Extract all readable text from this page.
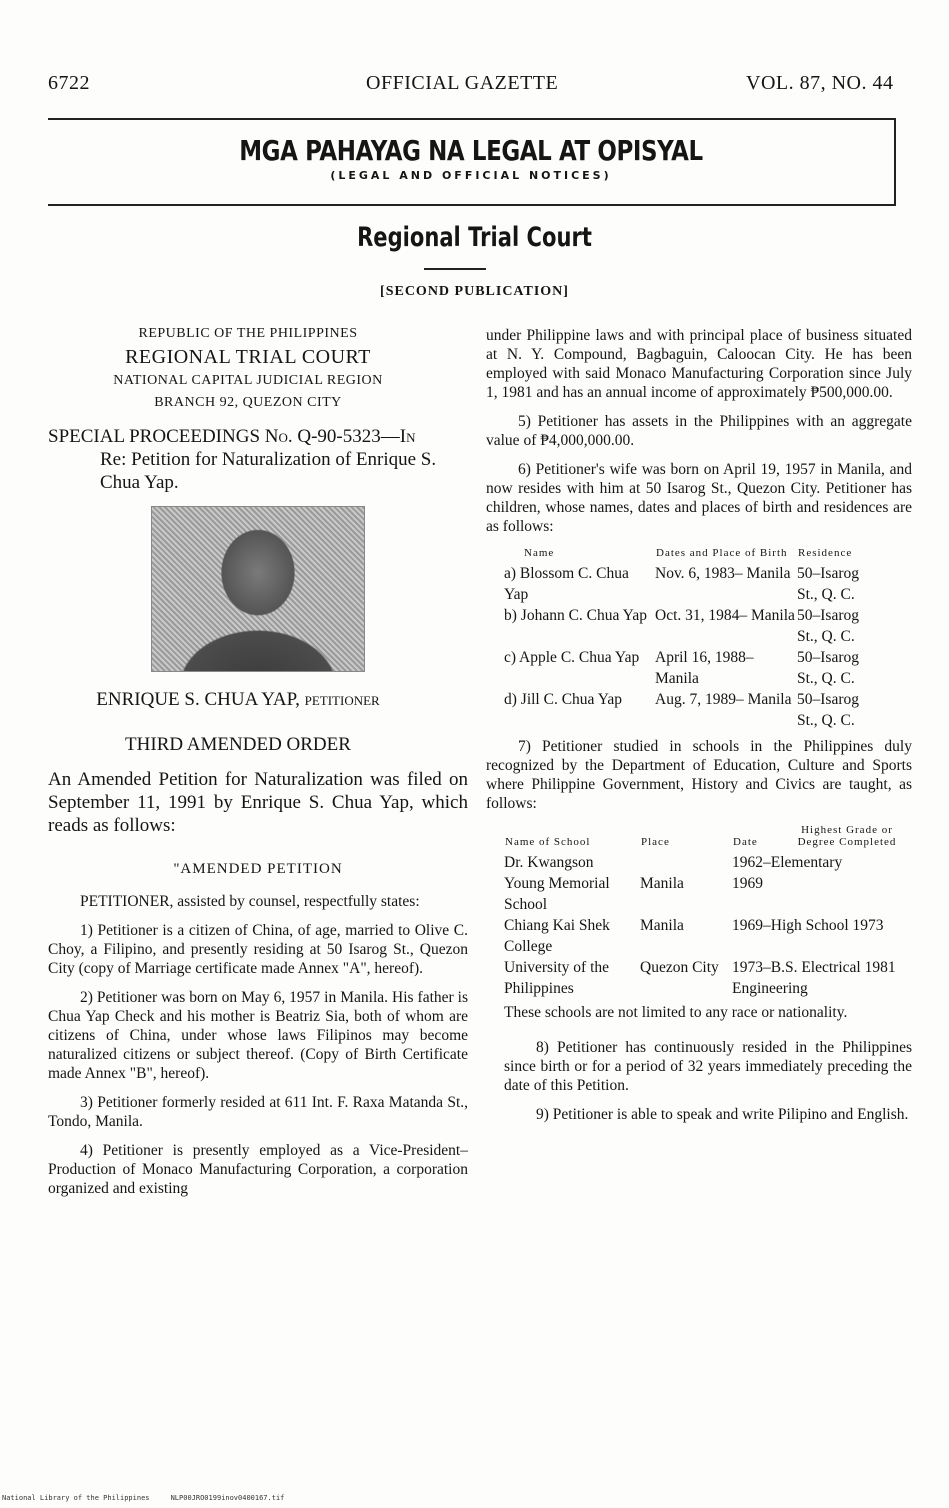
6722	OFFICIAL GAZETTE	VOL. 87, NO. 44
MGA PAHAYAG NA LEGAL AT OPISYAL
(LEGAL AND OFFICIAL NOTICES)
Regional Trial Court
[SECOND PUBLICATION]
REPUBLIC OF THE PHILIPPINES
REGIONAL TRIAL COURT
NATIONAL CAPITAL JUDICIAL REGION
BRANCH 92, QUEZON CITY
SPECIAL PROCEEDINGS No. Q-90-5323—In
Re: Petition for Naturalization of Enrique S. Chua Yap.
ENRIQUE S. CHUA YAP, petitioner
THIRD AMENDED ORDER
An Amended Petition for Naturalization was filed on September 11, 1991 by Enrique S. Chua Yap, which reads as follows:
"AMENDED PETITION

PETITIONER, assisted by counsel, respectfully states:

1) Petitioner is a citizen of China, of age, married to Olive C. Choy, a Filipino, and presently residing at 50 Isarog St., Quezon City (copy of Marriage certificate made Annex "A", hereof).

2) Petitioner was born on May 6, 1957 in Manila. His father is Chua Yap Check and his mother is Beatriz Sia, both of whom are citizens of China, under whose laws Filipinos may become naturalized citizens or subject thereof. (Copy of Birth Certificate made Annex "B", hereof).

3) Petitioner formerly resided at 611 Int. F. Raxa Matanda St., Tondo, Manila.

4) Petitioner is presently employed as a Vice-President–Production of Monaco Manufacturing Corporation, a corporation organized and existing

under Philippine laws and with principal place of business situated at N. Y. Compound, Bagbaguin, Caloocan City. He has been employed with said Monaco Manufacturing Corporation since July 1, 1981 and has an annual income of approximately ₱500,000.00.

5) Petitioner has assets in the Philippines with an aggregate value of ₱4,000,000.00.

6) Petitioner's wife was born on April 19, 1957 in Manila, and now resides with him at 50 Isarog St., Quezon City. Petitioner has children, whose names, dates and places of birth and residences are as follows:

Name	Dates and Place of Birth	Residence
a) Blossom C. Chua Yap	Nov. 6, 1983– Manila	50–Isarog St., Q. C.
b) Johann C. Chua Yap	Oct. 31, 1984– Manila	50–Isarog St., Q. C.
c) Apple C. Chua Yap	April 16, 1988– Manila	50–Isarog St., Q. C.
d) Jill C. Chua Yap	Aug. 7, 1989– Manila	50–Isarog St., Q. C.

7) Petitioner studied in schools in the Philippines duly recognized by the Department of Education, Culture and Sports where Philippine Government, History and Civics are taught, as follows:

Name of School	Place	Date	Highest Grade or Degree Completed
Dr. Kwangson		1962–Elementary	
Young Memorial School	Manila	1969	
Chiang Kai Shek College	Manila	1969–High School 1973	
University of the Philippines	Quezon City	1973–B.S. Electrical 1981 Engineering	

These schools are not limited to any race or nationality.

8) Petitioner has continuously resided in the Philippines since birth or for a period of 32 years immediately preceding the date of this Petition.

9) Petitioner is able to speak and write Pilipino and English.

National Library of the Philippines	NLP00JRO0199inov0400167.tif
